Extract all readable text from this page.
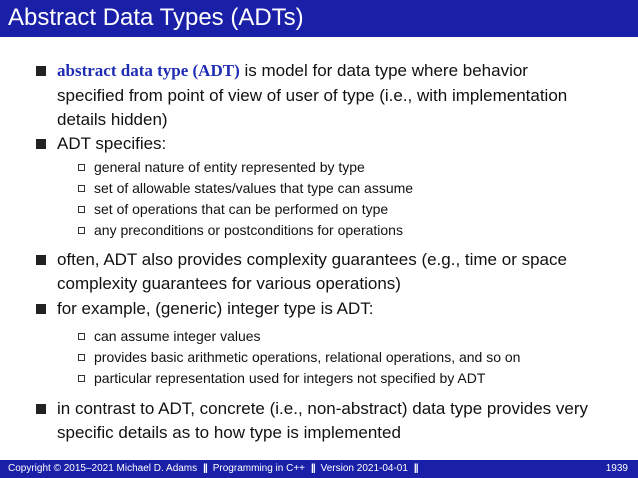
Abstract Data Types (ADTs)
abstract data type (ADT) is model for data type where behavior
specified from point of view of user of type (i.e., with implementation
details hidden)
ADT specifies:
general nature of entity represented by type
set of allowable states/values that type can assume
set of operations that can be performed on type
any preconditions or postconditions for operations
often, ADT also provides complexity guarantees (e.g., time or space
complexity guarantees for various operations)
for example, (generic) integer type is ADT:
can assume integer values
provides basic arithmetic operations, relational operations, and so on
particular representation used for integers not specified by ADT
in contrast to ADT, concrete (i.e., non-abstract) data type provides very
specific details as to how type is implemented
Copyright © 2015–2021 Michael D. Adams || Programming in C++ || Version 2021-04-01 ||	1939
